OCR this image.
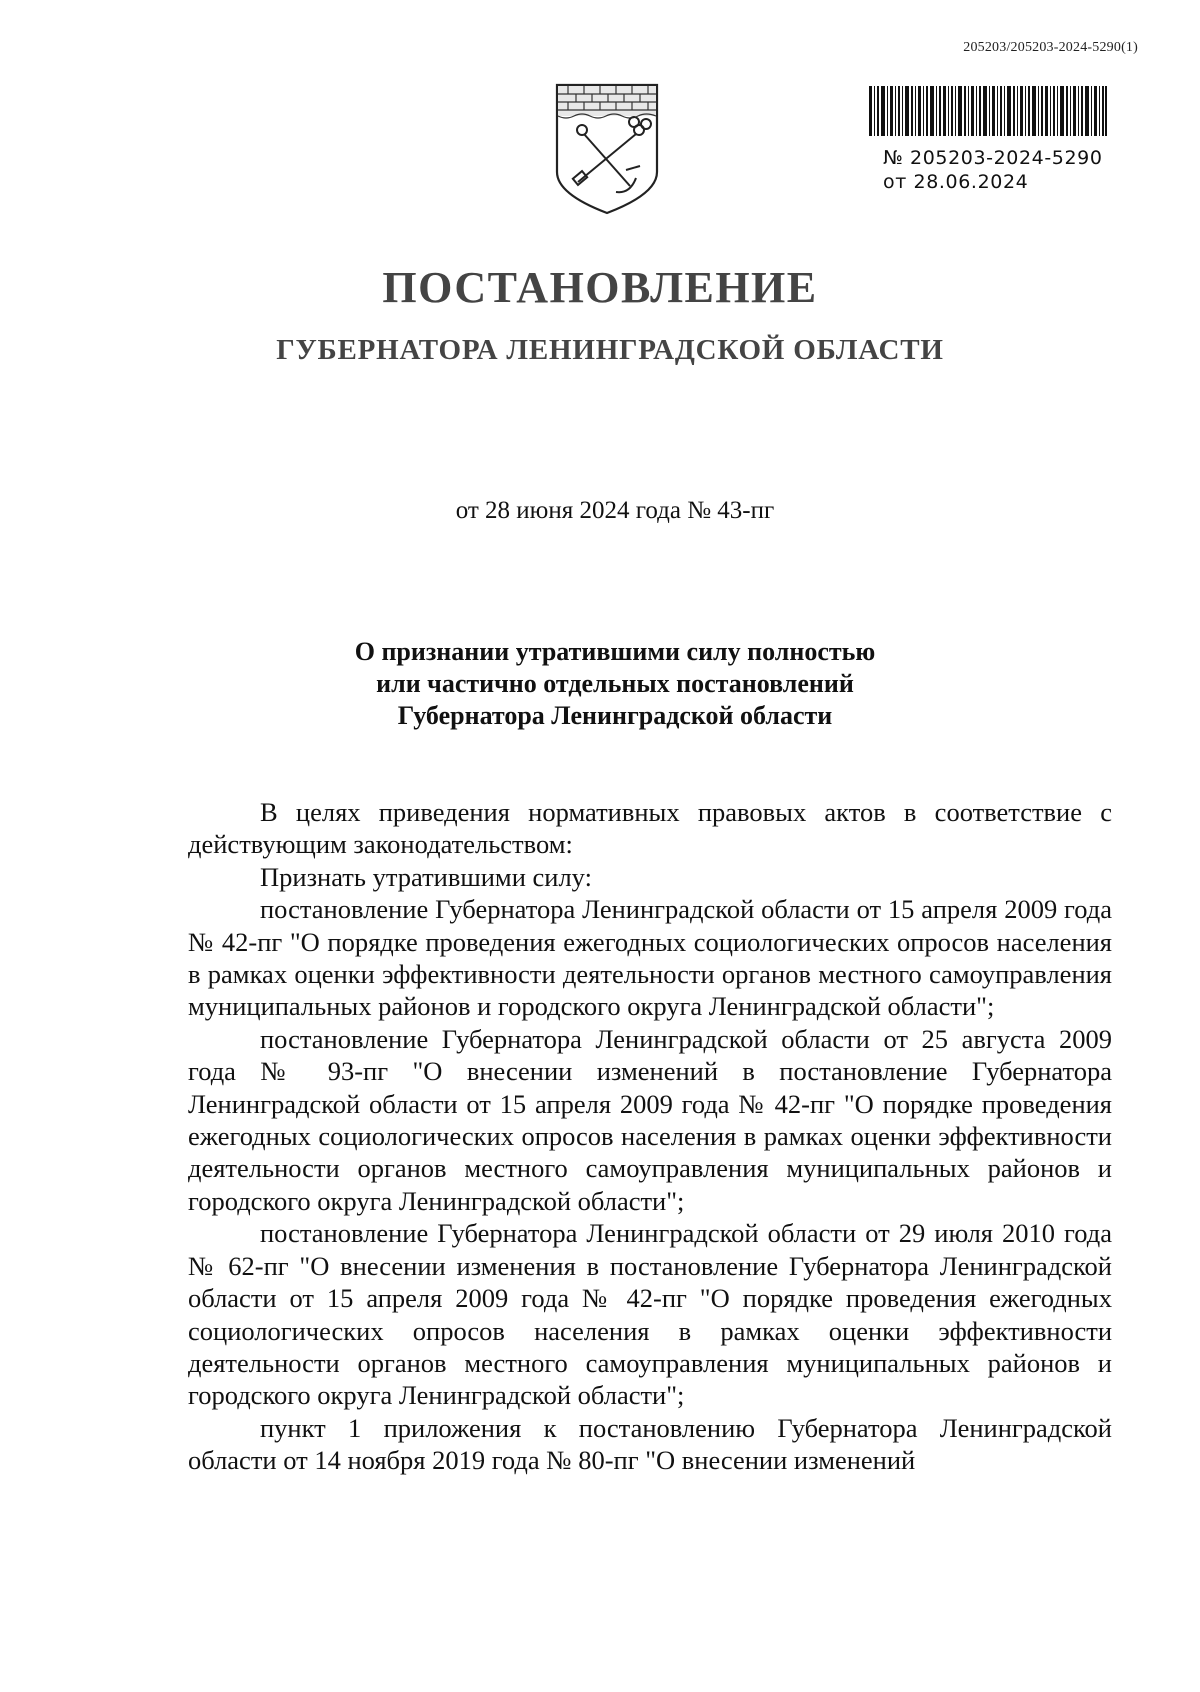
205203/205203-2024-5290(1)
№ 205203-2024-5290
от 28.06.2024
ПОСТАНОВЛЕНИЕ
ГУБЕРНАТОРА ЛЕНИНГРАДСКОЙ ОБЛАСТИ
от 28 июня 2024 года № 43-пг
О признании утратившими силу полностью
или частично отдельных постановлений
Губернатора Ленинградской области

В целях приведения нормативных правовых актов в соответствие с действующим законодательством:

Признать утратившими силу:

постановление Губернатора Ленинградской области от 15 апреля 2009 года № 42-пг "О порядке проведения ежегодных социологических опросов населения в рамках оценки эффективности деятельности органов местного самоуправления муниципальных районов и городского округа Ленинградской области";

постановление Губернатора Ленинградской области от 25 августа 2009 года № 93-пг "О внесении изменений в постановление Губернатора Ленинградской области от 15 апреля 2009 года № 42-пг "О порядке проведения ежегодных социологических опросов населения в рамках оценки эффективности деятельности органов местного самоуправления муниципальных районов и городского округа Ленинградской области";

постановление Губернатора Ленинградской области от 29 июля 2010 года № 62-пг "О внесении изменения в постановление Губернатора Ленинградской области от 15 апреля 2009 года № 42-пг "О порядке проведения ежегодных социологических опросов населения в рамках оценки эффективности деятельности органов местного самоуправления муниципальных районов и городского округа Ленинградской области";

пункт 1 приложения к постановлению Губернатора Ленинградской области от 14 ноября 2019 года № 80-пг "О внесении изменений
